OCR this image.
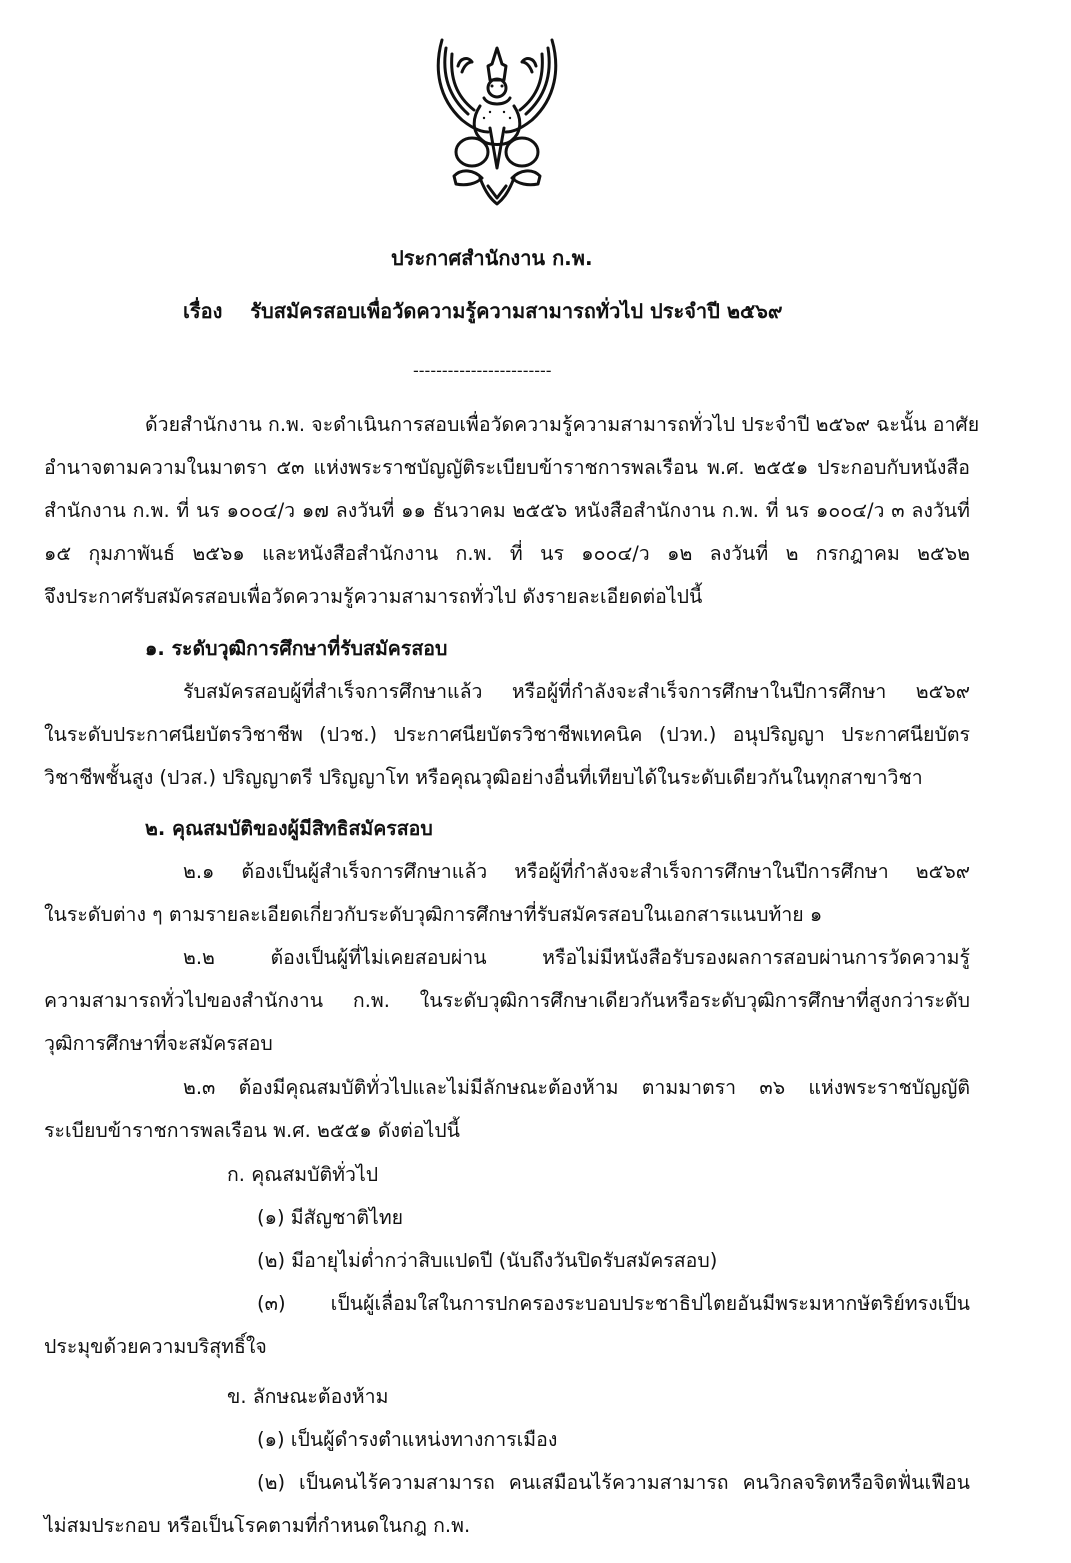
ประกาศสำนักงาน ก.พ.
เรื่อง รับสมัครสอบเพื่อวัดความรู้ความสามารถทั่วไป ประจำปี ๒๕๖๙
------------------------
ด้วยสำนักงาน ก.พ. จะดำเนินการสอบเพื่อวัดความรู้ความสามารถทั่วไป ประจำปี ๒๕๖๙ ฉะนั้น อาศัย
อำนาจตามความในมาตรา ๕๓ แห่งพระราชบัญญัติระเบียบข้าราชการพลเรือน พ.ศ. ๒๕๕๑ ประกอบกับหนังสือ
สำนักงาน ก.พ. ที่ นร ๑๐๐๔/ว ๑๗ ลงวันที่ ๑๑ ธันวาคม ๒๕๕๖ หนังสือสำนักงาน ก.พ. ที่ นร ๑๐๐๔/ว ๓ ลงวันที่
๑๕ กุมภาพันธ์ ๒๕๖๑ และหนังสือสำนักงาน ก.พ. ที่ นร ๑๐๐๔/ว ๑๒ ลงวันที่ ๒ กรกฎาคม ๒๕๖๒
จึงประกาศรับสมัครสอบเพื่อวัดความรู้ความสามารถทั่วไป ดังรายละเอียดต่อไปนี้
๑. ระดับวุฒิการศึกษาที่รับสมัครสอบ
รับสมัครสอบผู้ที่สำเร็จการศึกษาแล้ว หรือผู้ที่กำลังจะสำเร็จการศึกษาในปีการศึกษา ๒๕๖๙
ในระดับประกาศนียบัตรวิชาชีพ (ปวช.) ประกาศนียบัตรวิชาชีพเทคนิค (ปวท.) อนุปริญญา ประกาศนียบัตร
วิชาชีพชั้นสูง (ปวส.) ปริญญาตรี ปริญญาโท หรือคุณวุฒิอย่างอื่นที่เทียบได้ในระดับเดียวกันในทุกสาขาวิชา
๒. คุณสมบัติของผู้มีสิทธิสมัครสอบ
๒.๑ ต้องเป็นผู้สำเร็จการศึกษาแล้ว หรือผู้ที่กำลังจะสำเร็จการศึกษาในปีการศึกษา ๒๕๖๙
ในระดับต่าง ๆ ตามรายละเอียดเกี่ยวกับระดับวุฒิการศึกษาที่รับสมัครสอบในเอกสารแนบท้าย ๑
๒.๒ ต้องเป็นผู้ที่ไม่เคยสอบผ่าน หรือไม่มีหนังสือรับรองผลการสอบผ่านการวัดความรู้
ความสามารถทั่วไปของสำนักงาน ก.พ. ในระดับวุฒิการศึกษาเดียวกันหรือระดับวุฒิการศึกษาที่สูงกว่าระดับ
วุฒิการศึกษาที่จะสมัครสอบ
๒.๓ ต้องมีคุณสมบัติทั่วไปและไม่มีลักษณะต้องห้าม ตามมาตรา ๓๖ แห่งพระราชบัญญัติ
ระเบียบข้าราชการพลเรือน พ.ศ. ๒๕๕๑ ดังต่อไปนี้
ก. คุณสมบัติทั่วไป
(๑) มีสัญชาติไทย
(๒) มีอายุไม่ต่ำกว่าสิบแปดปี (นับถึงวันปิดรับสมัครสอบ)
(๓) เป็นผู้เลื่อมใสในการปกครองระบอบประชาธิปไตยอันมีพระมหากษัตริย์ทรงเป็น
ประมุขด้วยความบริสุทธิ์ใจ
ข. ลักษณะต้องห้าม
(๑) เป็นผู้ดำรงตำแหน่งทางการเมือง
(๒) เป็นคนไร้ความสามารถ คนเสมือนไร้ความสามารถ คนวิกลจริตหรือจิตฟั่นเฟือน
ไม่สมประกอบ หรือเป็นโรคตามที่กำหนดในกฎ ก.พ.
